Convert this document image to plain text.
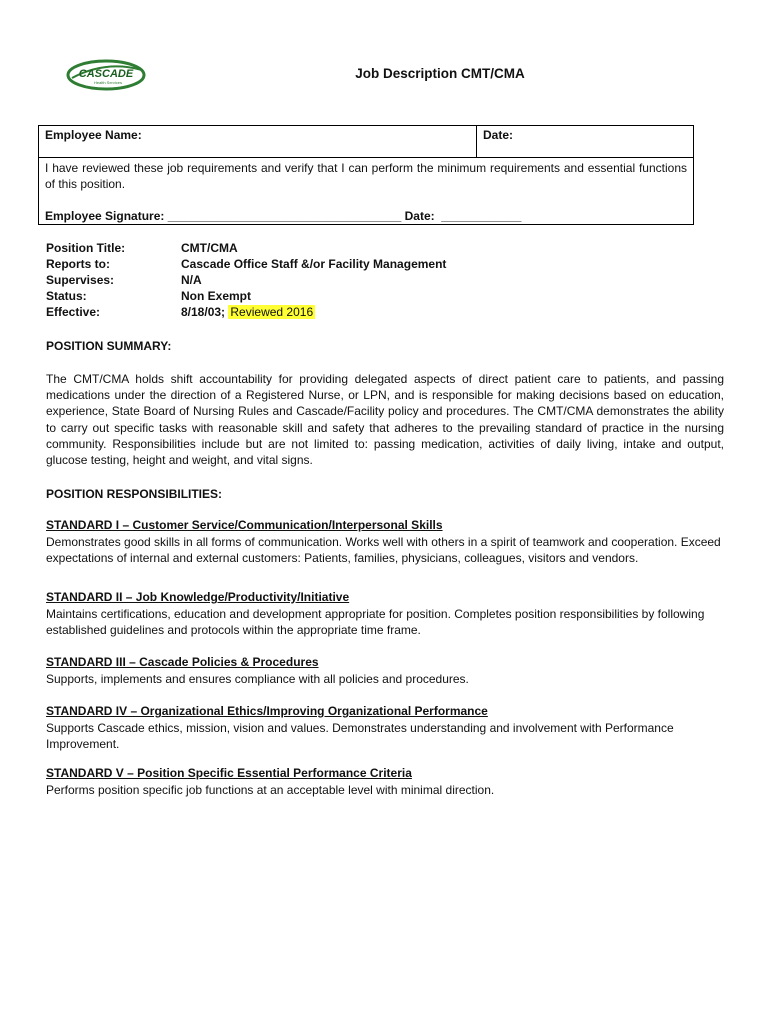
CASCADE
Health Services
Job Description CMT/CMA
Employee Name:	Date:
I have reviewed these job requirements and verify that I can perform the minimum requirements and essential functions of this position.
Employee Signature: ___________________________________ Date:  ____________
Position Title:	CMT/CMA
Reports to:	Cascade Office Staff &/or Facility Management
Supervises:	N/A
Status:	Non Exempt
Effective:	8/18/03; Reviewed 2016
POSITION SUMMARY:
The CMT/CMA holds shift accountability for providing delegated aspects of direct patient care to patients, and passing medications under the direction of a Registered Nurse, or LPN, and is responsible for making decisions based on education, experience, State Board of Nursing Rules and Cascade/Facility policy and procedures. The CMT/CMA demonstrates the ability to carry out specific tasks with reasonable skill and safety that adheres to the prevailing standard of practice in the nursing community. Responsibilities include but are not limited to: passing medication, activities of daily living, intake and output, glucose testing, height and weight, and vital signs.
POSITION RESPONSIBILITIES:
STANDARD I – Customer Service/Communication/Interpersonal Skills
Demonstrates good skills in all forms of communication. Works well with others in a spirit of teamwork and cooperation. Exceed expectations of internal and external customers: Patients, families, physicians, colleagues, visitors and vendors.
STANDARD II – Job Knowledge/Productivity/Initiative
Maintains certifications, education and development appropriate for position. Completes position responsibilities by following established guidelines and protocols within the appropriate time frame.
STANDARD III – Cascade Policies & Procedures
Supports, implements and ensures compliance with all policies and procedures.
STANDARD IV – Organizational Ethics/Improving Organizational Performance
Supports Cascade ethics, mission, vision and values. Demonstrates understanding and involvement with Performance Improvement.
STANDARD V – Position Specific Essential Performance Criteria
Performs position specific job functions at an acceptable level with minimal direction.
